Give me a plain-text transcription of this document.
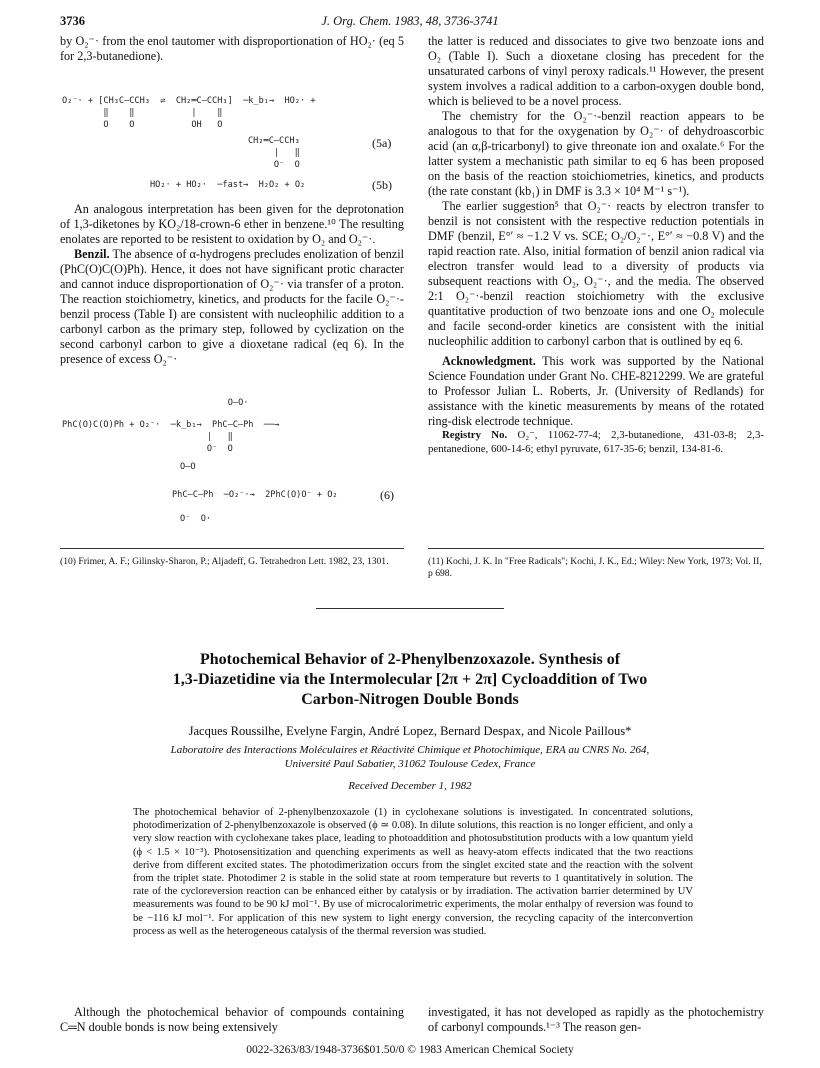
3736	J. Org. Chem. 1983, 48, 3736-3741

by O₂⁻· from the enol tautomer with disproportionation of HO₂· (eq 5 for 2,3-butanedione).

O₂⁻· + [CH₃C—CCH₃  ⇌  CH₂═C—CCH₃]  ─k_b₁→  HO₂· +
‖    ‖           |    ‖
O    O           OH   O
CH₂═C—CCH₃
|   ‖
O⁻  O
(5a)
HO₂· + HO₂·  ─fast→  H₂O₂ + O₂	(5b)

An analogous interpretation has been given for the deprotonation of 1,3-diketones by KO₂/18-crown-6 ether in benzene.¹⁰ The resulting enolates are reported to be resistent to oxidation by O₂ and O₂⁻·.

Benzil. The absence of α-hydrogens precludes enolization of benzil (PhC(O)C(O)Ph). Hence, it does not have significant protic character and cannot induce disproportionation of O₂⁻· via transfer of a proton. The reaction stoichiometry, kinetics, and products for the facile O₂⁻·-benzil process (Table I) are consistent with nucleophilic addition to a carbonyl carbon as the primary step, followed by cyclization on the second carbonyl carbon to give a dioxetane radical (eq 6). In the presence of excess O₂⁻·

O—O·
PhC(O)C(O)Ph + O₂⁻·  ─k_b₁→  PhC—C—Ph  ──→
|   ‖
O⁻  O
O—O
PhC—C—Ph  ─O₂⁻·→  2PhC(O)O⁻ + O₂
O⁻  O·
(6)

the latter is reduced and dissociates to give two benzoate ions and O₂ (Table I). Such a dioxetane closing has precedent for the unsaturated carbons of vinyl peroxy radicals.¹¹ However, the present system involves a radical addition to a carbon-oxygen double bond, which is believed to be a novel process.

The chemistry for the O₂⁻·-benzil reaction appears to be analogous to that for the oxygenation by O₂⁻· of dehydroascorbic acid (an α,β-tricarbonyl) to give threonate ion and oxalate.⁶ For the latter system a mechanistic path similar to eq 6 has been proposed on the basis of the reaction stoichiometries, kinetics, and products (the rate constant (kb₁) in DMF is 3.3 × 10⁴ M⁻¹ s⁻¹).

The earlier suggestion⁵ that O₂⁻· reacts by electron transfer to benzil is not consistent with the respective reduction potentials in DMF (benzil, E°′ ≈ −1.2 V vs. SCE; O₂/O₂⁻·, E°′ ≈ −0.8 V) and the rapid reaction rate. Also, initial formation of benzil anion radical via electron transfer would lead to a diversity of products via subsequent reactions with O₂, O₂⁻·, and the media. The observed 2:1 O₂⁻·-benzil reaction stoichiometry with the exclusive quantitative production of two benzoate ions and one O₂ molecule and facile second-order kinetics are consistent with the initial nucleophilic addition to carbonyl carbon that is outlined by eq 6.

Acknowledgment. This work was supported by the National Science Foundation under Grant No. CHE-8212299. We are grateful to Professor Julian L. Roberts, Jr. (University of Redlands) for assistance with the kinetic measurements by means of the rotated ring-disk electrode technique.

Registry No. O₂⁻, 11062-77-4; 2,3-butanedione, 431-03-8; 2,3-pentanedione, 600-14-6; ethyl pyruvate, 617-35-6; benzil, 134-81-6.

(10) Frimer, A. F.; Gilinsky-Sharon, P.; Aljadeff, G. Tetrahedron Lett. 1982, 23, 1301.	(11) Kochi, J. K. In "Free Radicals"; Kochi, J. K., Ed.; Wiley: New York, 1973; Vol. II, p 698.
Photochemical Behavior of 2-Phenylbenzoxazole. Synthesis of
1,3-Diazetidine via the Intermolecular [2π + 2π] Cycloaddition of Two
Carbon-Nitrogen Double Bonds
Jacques Roussilhe, Evelyne Fargin, André Lopez, Bernard Despax, and Nicole Paillous*
Laboratoire des Interactions Moléculaires et Réactivité Chimique et Photochimique, ERA au CNRS No. 264,
Université Paul Sabatier, 31062 Toulouse Cedex, France
Received December 1, 1982
The photochemical behavior of 2-phenylbenzoxazole (1) in cyclohexane solutions is investigated. In concentrated solutions, photodimerization of 2-phenylbenzoxazole is observed (ϕ ≃ 0.08). In dilute solutions, this reaction is no longer efficient, and only a very slow reaction with cyclohexane takes place, leading to photoaddition and photosubstitution products with a low quantum yield (ϕ < 1.5 × 10⁻³). Photosensitization and quenching experiments as well as heavy-atom effects indicated that the two reactions derive from different excited states. The photodimerization occurs from the singlet excited state and the reaction with the solvent from the triplet state. Photodimer 2 is stable in the solid state at room temperature but reverts to 1 quantitatively in solution. The rate of the cycloreversion reaction can be enhanced either by catalysis or by irradiation. The activation barrier determined by UV measurements was found to be 90 kJ mol⁻¹. By use of microcalorimetric experiments, the molar enthalpy of reversion was found to be −116 kJ mol⁻¹. For application of this new system to light energy conversion, the recycling capacity of the interconvertion process as well as the heterogeneous catalysis of the thermal reversion was studied.

Although the photochemical behavior of compounds containing C═N double bonds is now being extensively

investigated, it has not developed as rapidly as the photochemistry of carbonyl compounds.¹⁻³ The reason gen-

0022-3263/83/1948-3736$01.50/0 © 1983 American Chemical Society
